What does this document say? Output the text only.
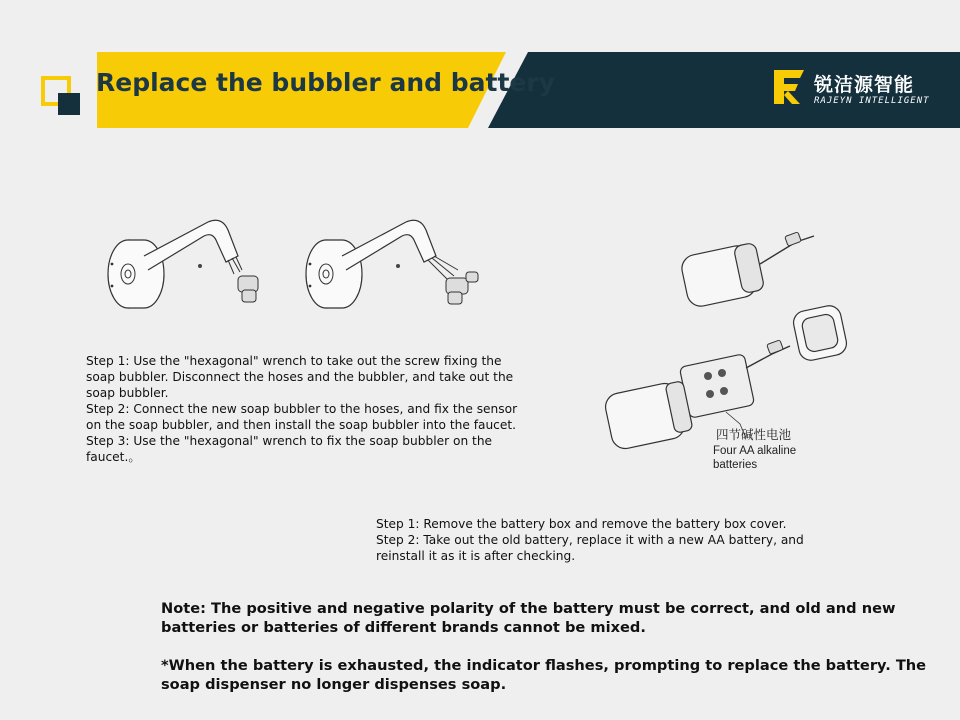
Replace the bubbler and battery	锐洁源智能
RAJEYN INTELLIGENT
四节碱性电池
Four AA alkaline batteries

Step 1: Use the "hexagonal" wrench to take out the screw fixing the soap bubbler. Disconnect the hoses and the bubbler, and take out the soap bubbler.

Step 2: Connect the new soap bubbler to the hoses, and fix the sensor on the soap bubbler, and then install the soap bubbler into the faucet.

Step 3: Use the "hexagonal" wrench to fix the soap bubbler on the faucet.。

Step 1: Remove the battery box and remove the battery box cover.

Step 2: Take out the old battery, replace it with a new AA battery, and reinstall it as it is after checking.

Note: The positive and negative polarity of the battery must be correct, and old and new batteries or batteries of different brands cannot be mixed.

*When the battery is exhausted, the indicator flashes, prompting to replace the battery. The soap dispenser no longer dispenses soap.
